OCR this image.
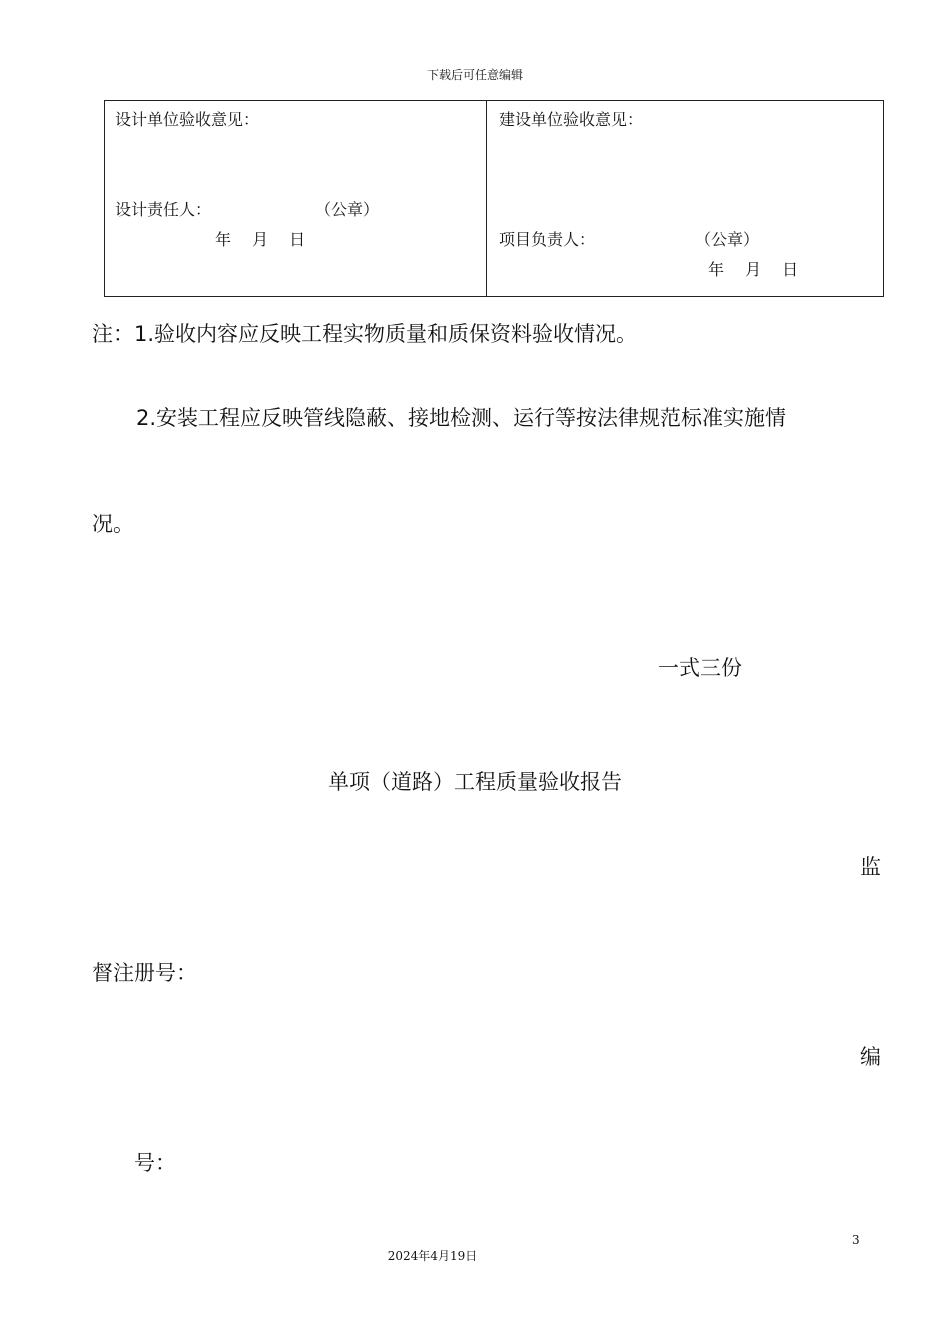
下载后可任意编辑
设计单位验收意见：
设计责任人：	（公章）
年　 月　 日
建设单位验收意见：
项目负责人：	（公章）
年　 月　 日
注：1.验收内容应反映工程实物质量和质保资料验收情况。
2.安装工程应反映管线隐蔽、接地检测、运行等按法律规范标准实施情
况。
一式三份
单项（道路）工程质量验收报告
监
督注册号：
编
号：
3
2024年4月19日
